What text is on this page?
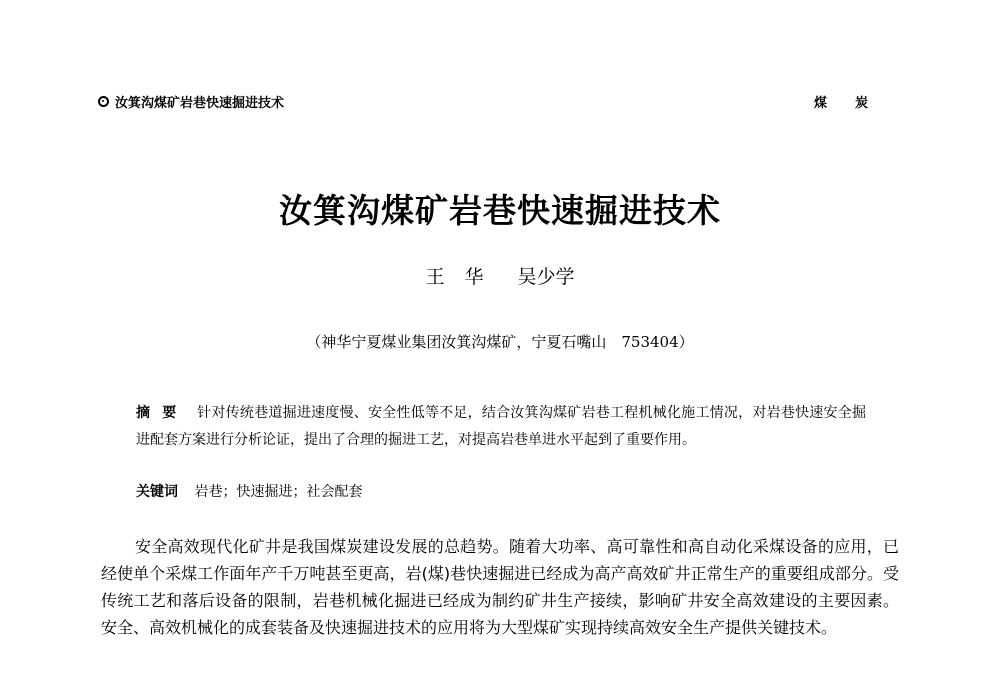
汝箕沟煤矿岩巷快速掘进技术	煤炭
汝箕沟煤矿岩巷快速掘进技术
王华 吴少学
（神华宁夏煤业集团汝箕沟煤矿，宁夏石嘴山　753404）
摘要 针对传统巷道掘进速度慢、安全性低等不足，结合汝箕沟煤矿岩巷工程机械化施工情况，对岩巷快速安全掘进配套方案进行分析论证，提出了合理的掘进工艺，对提高岩巷单进水平起到了重要作用。
关键词 岩巷；快速掘进；社会配套
安全高效现代化矿井是我国煤炭建设发展的总趋势。随着大功率、高可靠性和高自动化采煤设备的应用，已经使单个采煤工作面年产千万吨甚至更高，岩(煤)巷快速掘进已经成为高产高效矿井正常生产的重要组成部分。受传统工艺和落后设备的限制，岩巷机械化掘进已经成为制约矿井生产接续，影响矿井安全高效建设的主要因素。安全、高效机械化的成套装备及快速掘进技术的应用将为大型煤矿实现持续高效安全生产提供关键技术。
